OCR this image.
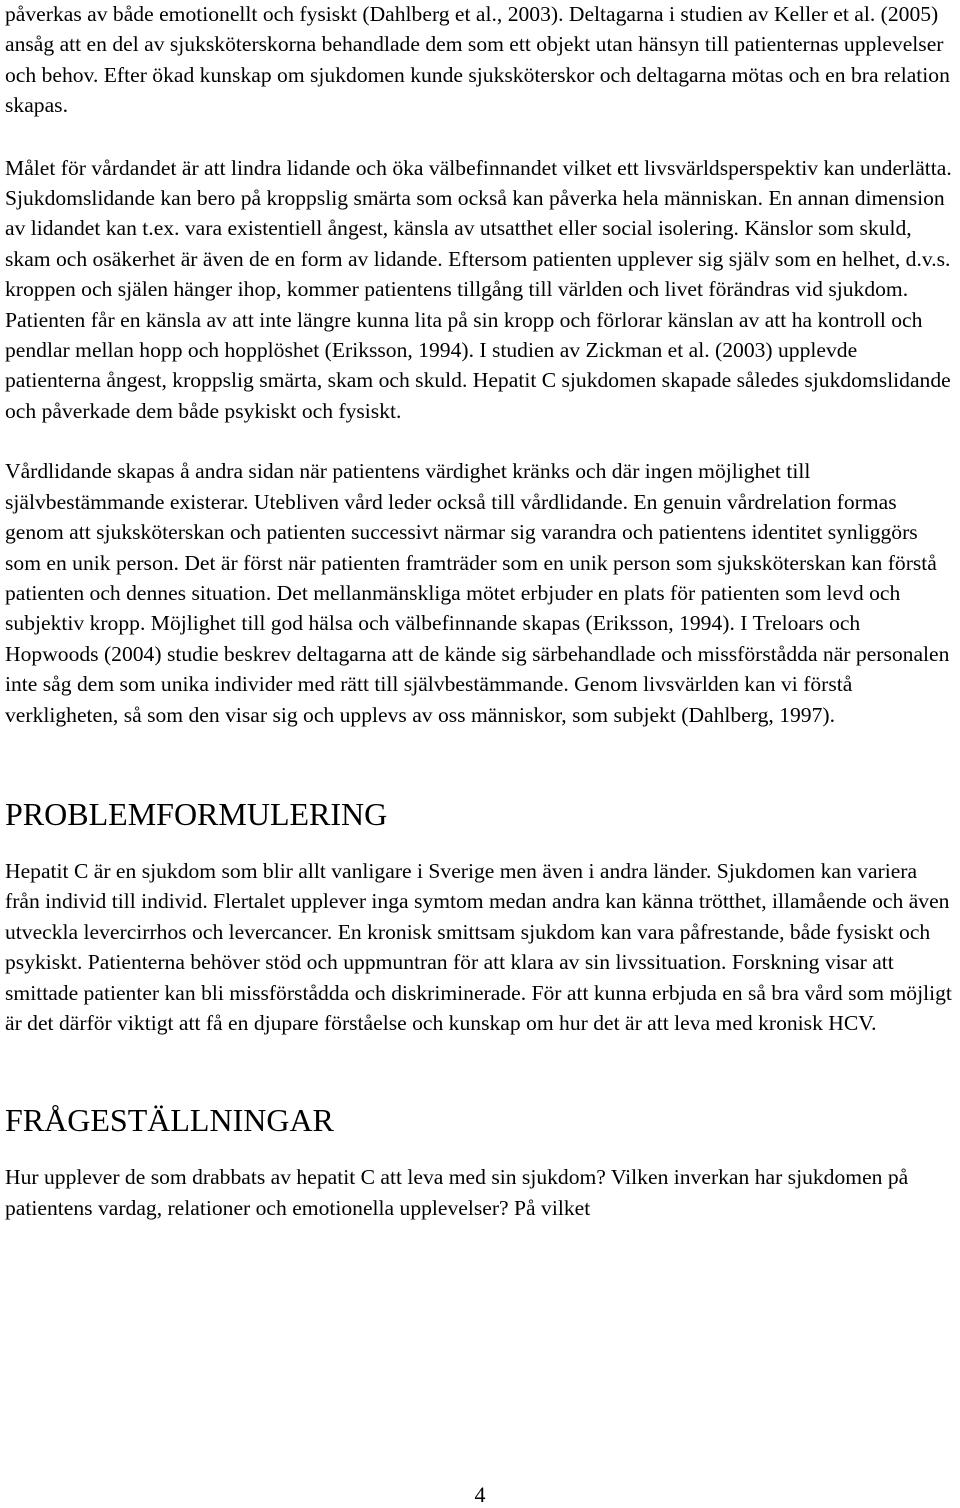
påverkas av både emotionellt och fysiskt (Dahlberg et al., 2003). Deltagarna i studien av Keller et al. (2005) ansåg att en del av sjuksköterskorna behandlade dem som ett objekt utan hänsyn till patienternas upplevelser och behov. Efter ökad kunskap om sjukdomen kunde sjuksköterskor och deltagarna mötas och en bra relation skapas.

Målet för vårdandet är att lindra lidande och öka välbefinnandet vilket ett livsvärldsperspektiv kan underlätta. Sjukdomslidande kan bero på kroppslig smärta som också kan påverka hela människan. En annan dimension av lidandet kan t.ex. vara existentiell ångest, känsla av utsatthet eller social isolering. Känslor som skuld, skam och osäkerhet är även de en form av lidande. Eftersom patienten upplever sig själv som en helhet, d.v.s. kroppen och själen hänger ihop, kommer patientens tillgång till världen och livet förändras vid sjukdom. Patienten får en känsla av att inte längre kunna lita på sin kropp och förlorar känslan av att ha kontroll och pendlar mellan hopp och hopplöshet (Eriksson, 1994). I studien av Zickman et al. (2003) upplevde patienterna ångest, kroppslig smärta, skam och skuld. Hepatit C sjukdomen skapade således sjukdomslidande och påverkade dem både psykiskt och fysiskt.

Vårdlidande skapas å andra sidan när patientens värdighet kränks och där ingen möjlighet till självbestämmande existerar. Utebliven vård leder också till vårdlidande. En genuin vårdrelation formas genom att sjuksköterskan och patienten successivt närmar sig varandra och patientens identitet synliggörs som en unik person. Det är först när patienten framträder som en unik person som sjuksköterskan kan förstå patienten och dennes situation. Det mellanmänskliga mötet erbjuder en plats för patienten som levd och subjektiv kropp. Möjlighet till god hälsa och välbefinnande skapas (Eriksson, 1994). I Treloars och Hopwoods (2004) studie beskrev deltagarna att de kände sig särbehandlade och missförstådda när personalen inte såg dem som unika individer med rätt till självbestämmande. Genom livsvärlden kan vi förstå verkligheten, så som den visar sig och upplevs av oss människor, som subjekt (Dahlberg, 1997).

PROBLEMFORMULERING

Hepatit C är en sjukdom som blir allt vanligare i Sverige men även i andra länder. Sjukdomen kan variera från individ till individ. Flertalet upplever inga symtom medan andra kan känna trötthet, illamående och även utveckla levercirrhos och levercancer. En kronisk smittsam sjukdom kan vara påfrestande, både fysiskt och psykiskt. Patienterna behöver stöd och uppmuntran för att klara av sin livssituation. Forskning visar att smittade patienter kan bli missförstådda och diskriminerade. För att kunna erbjuda en så bra vård som möjligt är det därför viktigt att få en djupare förståelse och kunskap om hur det är att leva med kronisk HCV.

FRÅGESTÄLLNINGAR

Hur upplever de som drabbats av hepatit C att leva med sin sjukdom? Vilken inverkan har sjukdomen på patientens vardag, relationer och emotionella upplevelser? På vilket

4
